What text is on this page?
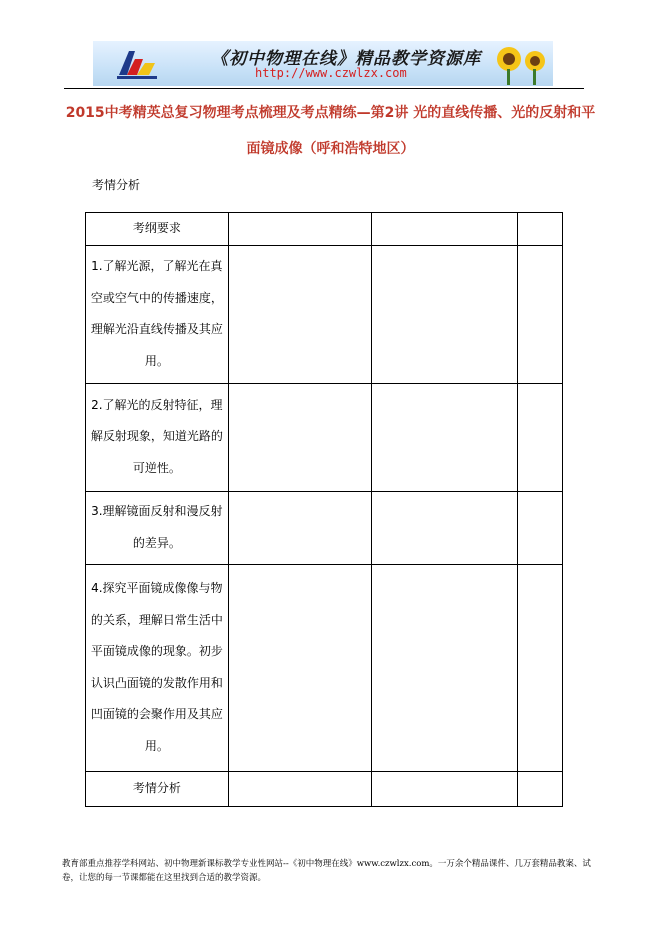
《初中物理在线》精品教学资源库
http://www.czwlzx.com
2015中考精英总复习物理考点梳理及考点精练—第2讲 光的直线传播、光的反射和平面镜成像（呼和浩特地区）
考情分析
考纲要求			
1.了解光源，了解光在真空或空气中的传播速度，理解光沿直线传播及其应用。			
2.了解光的反射特征，理解反射现象，知道光路的可逆性。			
3.理解镜面反射和漫反射的差异。			
4.探究平面镜成像像与物的关系，理解日常生活中平面镜成像的现象。初步认识凸面镜的发散作用和凹面镜的会聚作用及其应用。			
考情分析			
教育部重点推荐学科网站、初中物理新课标教学专业性网站--《初中物理在线》www.czwlzx.com。一万余个精品课件、几万套精品教案、试卷，让您的每一节课都能在这里找到合适的教学资源。
